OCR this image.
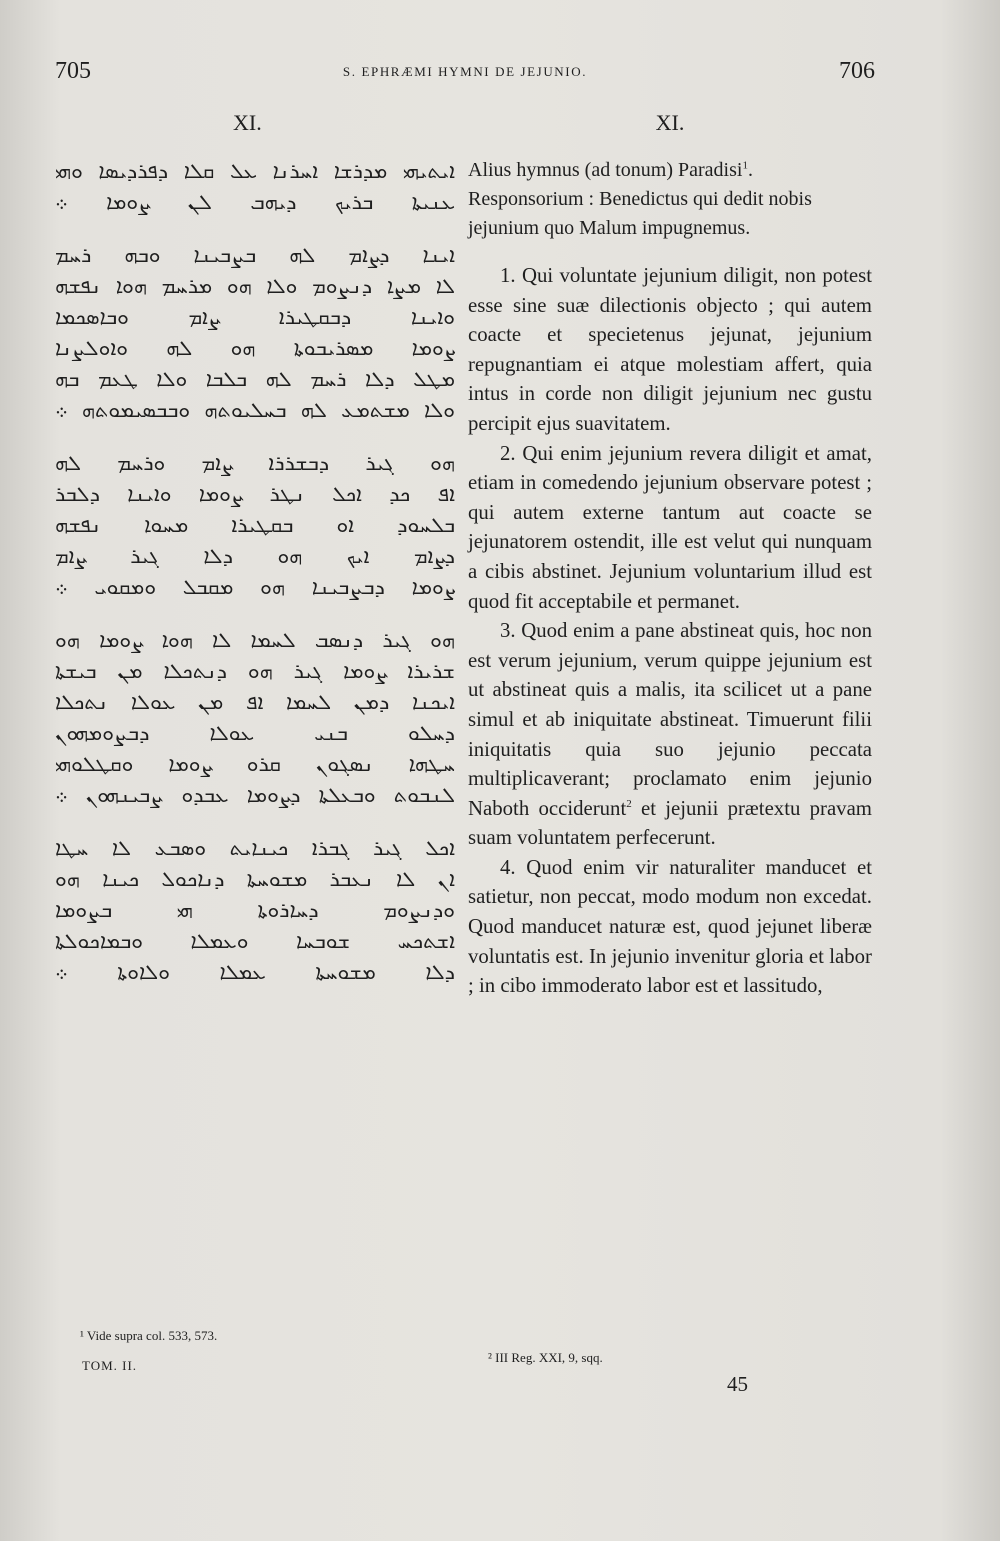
705	S. EPHRÆMI HYMNI DE JEJUNIO.	706
XI.
ܐܝܬܝܗܝ ܡܕܪܫܐ ܐܚܪܢܐ ܥܠ ܩܠܐ ܕܦܪܕܝܣܐ ܘܗܝ
ܥܢܝܬܐ ܒܪܝܟ ܕܝܗܒ ܠܢ ܨܘܡܐ ܀
ܐܝܢܐ ܕܨܐܡ ܠܗ ܒܨܒܝܢܐ ܘܒܗ ܪܚܡ
ܠܐ ܡܨܐ ܕܢܨܘܡ ܘܠܐ ܗܘ ܡܪܚܡ ܗܘܐ ܢܦܫܗ
ܘܐܝܢܐ ܕܒܩܛܝܪܐ ܨܐܡ ܘܒܐܣܟܡܐ
ܨܘܡܐ ܡܣܪܝܒܘܬܐ ܗܘ ܠܗ ܘܐܘܠܨܢܐ
ܡܛܠ ܕܠܐ ܪܚܡ ܠܗ ܒܠܒܐ ܘܠܐ ܛܥܡ ܒܗ
ܘܠܐ ܡܫܬܡܥ ܠܗ ܒܚܠܝܘܬܗ ܘܒܒܣܝܡܘܬܗ ܀
ܗܘ ܓܝܪ ܕܒܫܪܪܐ ܨܐܡ ܘܪܚܡ ܠܗ
ܐܦ ܟܕ ܐܟܠ ܢܛܪ ܨܘܡܐ ܘܐܝܢܐ ܕܠܒܪ
ܒܠܚܘܕ ܐܘ ܒܩܛܝܪܐ ܡܚܘܐ ܢܦܫܗ
ܕܨܐܡ ܐܝܟ ܗܘ ܕܠܐ ܓܝܪ ܨܐܡ
ܨܘܡܐ ܕܒܨܒܝܢܐ ܗܘ ܡܩܒܠ ܘܡܩܘܝ ܀
ܗܘ ܓܝܪ ܕܢܣܒ ܠܚܡܐ ܠܐ ܗܘܐ ܨܘܡܐ ܗܘ
ܫܪܝܪܐ ܨܘܡܐ ܓܝܪ ܗܘ ܕܢܬܟܠܐ ܡܢ ܒܝܫܬܐ
ܐܝܟܢܐ ܕܡܢ ܠܚܡܐ ܐܦ ܡܢ ܥܘܠܐ ܢܬܟܠܐ
ܕܚܠܘ ܒܢܝ ܥܘܠܐ ܕܒܨܘܡܗܘܢ
ܚܛܗܐ ܢܣܓܘܢ ܩܪܘ ܨܘܡܐ ܘܩܛܠܘܗܝ
ܠܢܒܘܬ ܘܒܥܠܬܐ ܕܨܘܡܐ ܥܒܕܘ ܨܒܝܢܗܘܢ ܀
ܐܟܠ ܓܝܪ ܓܒܪܐ ܟܝܢܐܝܬ ܘܣܒܥ ܠܐ ܚܛܐ
ܐܢ ܠܐ ܢܥܒܪ ܡܫܘܚܬܐ ܕܢܐܟܘܠ ܟܝܢܐ ܗܘ
ܘܕܢܨܘܡ ܕܚܐܪܘܬܐ ܗܝ ܒܨܘܡܐ
ܐܫܬܟܚ ܫܘܒܚܐ ܘܥܡܠܐ ܘܒܡܐܟܘܠܬܐ
ܕܠܐ ܡܫܘܚܬܐ ܥܡܠܐ ܘܠܐܘܬܐ ܀
XI.
Alius hymnus (ad tonum) Paradisi$^1$. Responsorium : Benedictus qui dedit nobis jejunium quo Malum impugnemus.

1. Qui voluntate jejunium diligit, non potest esse sine suæ dilectionis objecto ; qui autem coacte et specietenus jejunat, jejunium repugnantiam ei atque molestiam affert, quia intus in corde non diligit jejunium nec gustu percipit ejus suavitatem.

2. Qui enim jejunium revera diligit et amat, etiam in comedendo jejunium observare potest ; qui autem externe tantum aut coacte se jejunatorem ostendit, ille est velut qui nunquam a cibis abstinet. Jejunium voluntarium illud est quod fit acceptabile et permanet.

3. Quod enim a pane abstineat quis, hoc non est verum jejunium, verum quippe jejunium est ut abstineat quis a malis, ita scilicet ut a pane simul et ab iniquitate abstineat. Timuerunt filii iniquitatis quia suo jejunio peccata multiplicaverant; proclamato enim jejunio Naboth occiderunt$^2$ et jejunii prætextu pravam suam voluntatem perfecerunt.

4. Quod enim vir naturaliter manducet et satietur, non peccat, modo modum non excedat. Quod manducet naturæ est, quod jejunet liberæ voluntatis est. In jejunio invenitur gloria et labor ; in cibo immoderato labor est et lassitudo,

¹ Vide supra col. 533, 573.
TOM. II.
² III Reg. XXI, 9, sqq.
45
